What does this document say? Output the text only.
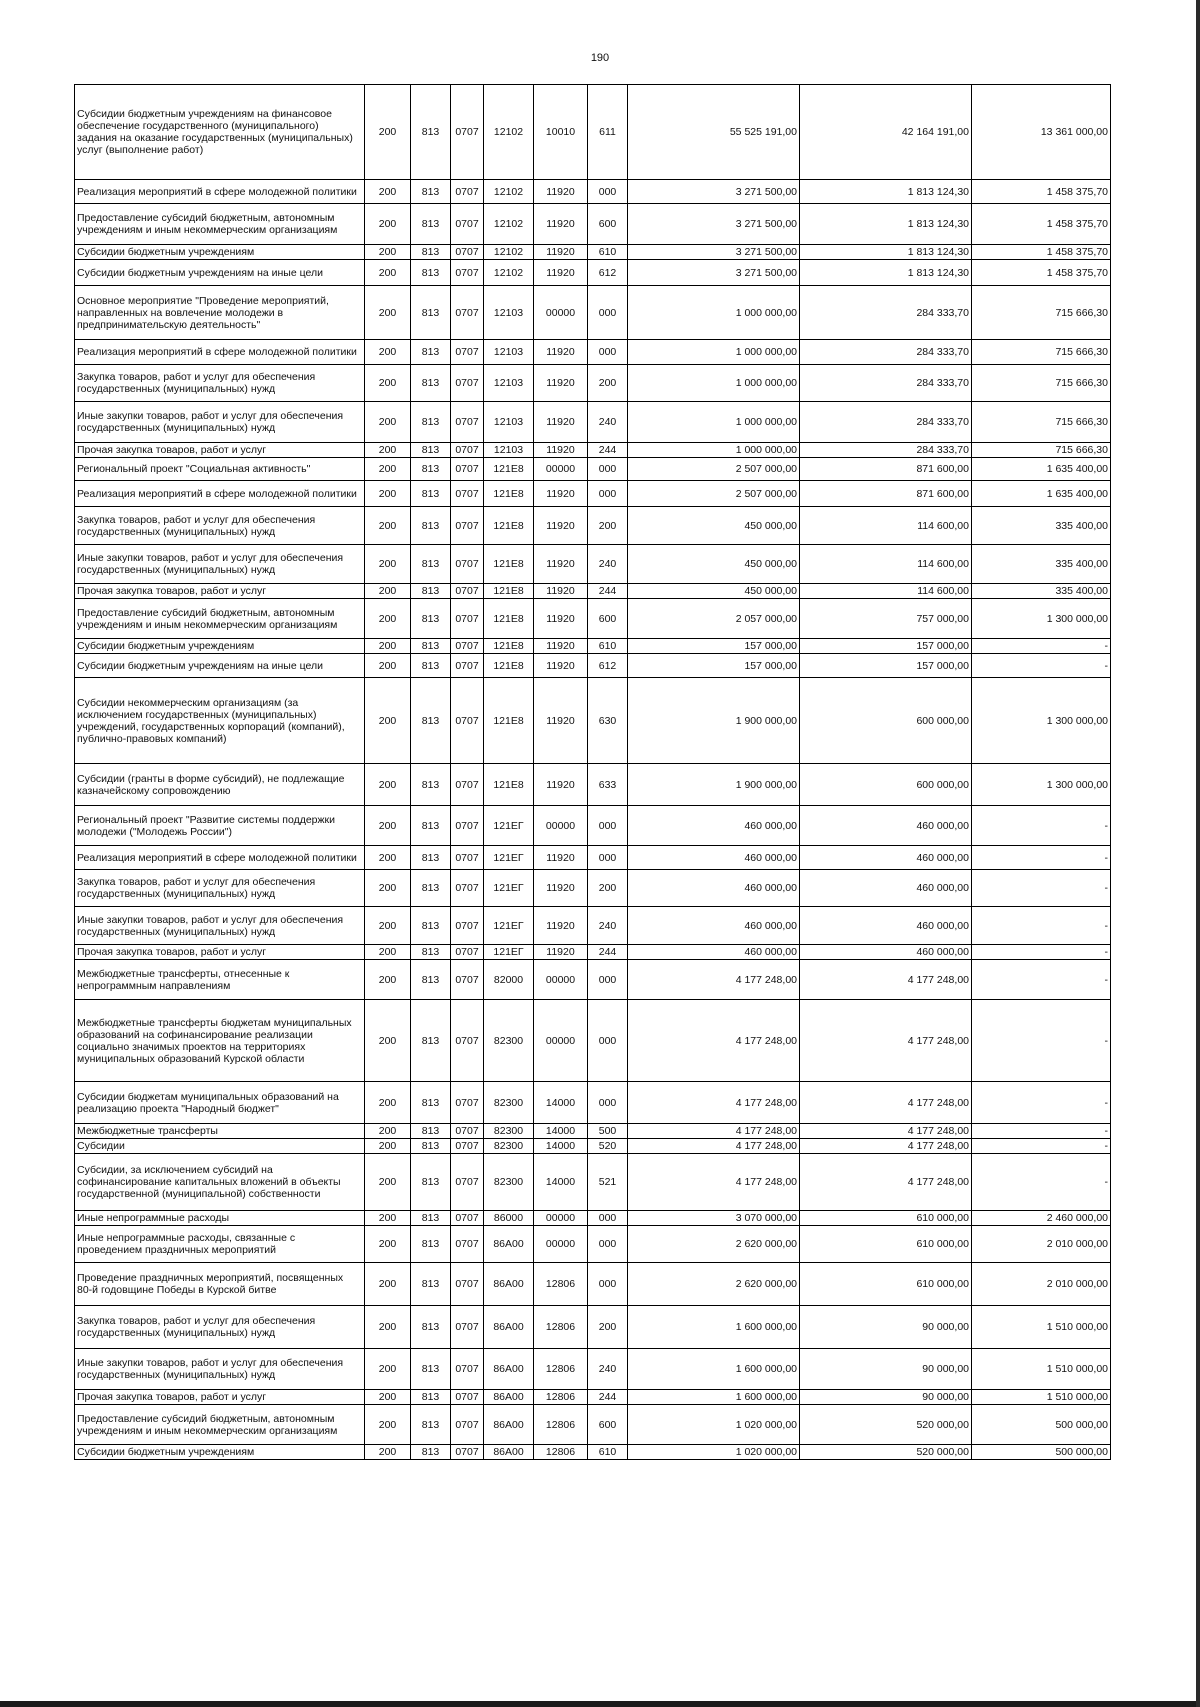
190
Субсидии бюджетным учреждениям на финансовое обеспечение государственного (муниципального) задания на оказание государственных (муниципальных) услуг (выполнение работ)	200	813	0707	12102	10010	611	55 525 191,00	42 164 191,00	13 361 000,00
Реализация мероприятий в сфере молодежной политики	200	813	0707	12102	11920	000	3 271 500,00	1 813 124,30	1 458 375,70
Предоставление субсидий бюджетным, автономным учреждениям и иным некоммерческим организациям	200	813	0707	12102	11920	600	3 271 500,00	1 813 124,30	1 458 375,70
Субсидии бюджетным учреждениям	200	813	0707	12102	11920	610	3 271 500,00	1 813 124,30	1 458 375,70
Субсидии бюджетным учреждениям на иные цели	200	813	0707	12102	11920	612	3 271 500,00	1 813 124,30	1 458 375,70
Основное мероприятие "Проведение мероприятий, направленных на вовлечение молодежи в предпринимательскую деятельность"	200	813	0707	12103	00000	000	1 000 000,00	284 333,70	715 666,30
Реализация мероприятий в сфере молодежной политики	200	813	0707	12103	11920	000	1 000 000,00	284 333,70	715 666,30
Закупка товаров, работ и услуг для обеспечения государственных (муниципальных) нужд	200	813	0707	12103	11920	200	1 000 000,00	284 333,70	715 666,30
Иные закупки товаров, работ и услуг для обеспечения государственных (муниципальных) нужд	200	813	0707	12103	11920	240	1 000 000,00	284 333,70	715 666,30
Прочая закупка товаров, работ и услуг	200	813	0707	12103	11920	244	1 000 000,00	284 333,70	715 666,30
Региональный проект "Социальная активность"	200	813	0707	121E8	00000	000	2 507 000,00	871 600,00	1 635 400,00
Реализация мероприятий в сфере молодежной политики	200	813	0707	121E8	11920	000	2 507 000,00	871 600,00	1 635 400,00
Закупка товаров, работ и услуг для обеспечения государственных (муниципальных) нужд	200	813	0707	121E8	11920	200	450 000,00	114 600,00	335 400,00
Иные закупки товаров, работ и услуг для обеспечения государственных (муниципальных) нужд	200	813	0707	121E8	11920	240	450 000,00	114 600,00	335 400,00
Прочая закупка товаров, работ и услуг	200	813	0707	121E8	11920	244	450 000,00	114 600,00	335 400,00
Предоставление субсидий бюджетным, автономным учреждениям и иным некоммерческим организациям	200	813	0707	121E8	11920	600	2 057 000,00	757 000,00	1 300 000,00
Субсидии бюджетным учреждениям	200	813	0707	121E8	11920	610	157 000,00	157 000,00	-
Субсидии бюджетным учреждениям на иные цели	200	813	0707	121E8	11920	612	157 000,00	157 000,00	-
Субсидии некоммерческим организациям (за исключением государственных (муниципальных) учреждений, государственных корпораций (компаний), публично-правовых компаний)	200	813	0707	121E8	11920	630	1 900 000,00	600 000,00	1 300 000,00
Субсидии (гранты в форме субсидий), не подлежащие казначейскому сопровождению	200	813	0707	121E8	11920	633	1 900 000,00	600 000,00	1 300 000,00
Региональный проект "Развитие системы поддержки молодежи ("Молодежь России")	200	813	0707	121ЕГ	00000	000	460 000,00	460 000,00	-
Реализация мероприятий в сфере молодежной политики	200	813	0707	121ЕГ	11920	000	460 000,00	460 000,00	-
Закупка товаров, работ и услуг для обеспечения государственных (муниципальных) нужд	200	813	0707	121ЕГ	11920	200	460 000,00	460 000,00	-
Иные закупки товаров, работ и услуг для обеспечения государственных (муниципальных) нужд	200	813	0707	121ЕГ	11920	240	460 000,00	460 000,00	-
Прочая закупка товаров, работ и услуг	200	813	0707	121ЕГ	11920	244	460 000,00	460 000,00	-
Межбюджетные трансферты, отнесенные к непрограммным направлениям	200	813	0707	82000	00000	000	4 177 248,00	4 177 248,00	-
Межбюджетные трансферты бюджетам муниципальных образований на софинансирование реализации социально значимых проектов на территориях муниципальных образований Курской области	200	813	0707	82300	00000	000	4 177 248,00	4 177 248,00	-
Субсидии бюджетам муниципальных образований на реализацию проекта "Народный бюджет"	200	813	0707	82300	14000	000	4 177 248,00	4 177 248,00	-
Межбюджетные трансферты	200	813	0707	82300	14000	500	4 177 248,00	4 177 248,00	-
Субсидии	200	813	0707	82300	14000	520	4 177 248,00	4 177 248,00	-
Субсидии, за исключением субсидий на софинансирование капитальных вложений в объекты государственной (муниципальной) собственности	200	813	0707	82300	14000	521	4 177 248,00	4 177 248,00	-
Иные непрограммные расходы	200	813	0707	86000	00000	000	3 070 000,00	610 000,00	2 460 000,00
Иные непрограммные расходы, связанные с проведением праздничных мероприятий	200	813	0707	86A00	00000	000	2 620 000,00	610 000,00	2 010 000,00
Проведение праздничных мероприятий, посвященных 80-й годовщине Победы в Курской битве	200	813	0707	86A00	12806	000	2 620 000,00	610 000,00	2 010 000,00
Закупка товаров, работ и услуг для обеспечения государственных (муниципальных) нужд	200	813	0707	86A00	12806	200	1 600 000,00	90 000,00	1 510 000,00
Иные закупки товаров, работ и услуг для обеспечения государственных (муниципальных) нужд	200	813	0707	86A00	12806	240	1 600 000,00	90 000,00	1 510 000,00
Прочая закупка товаров, работ и услуг	200	813	0707	86A00	12806	244	1 600 000,00	90 000,00	1 510 000,00
Предоставление субсидий бюджетным, автономным учреждениям и иным некоммерческим организациям	200	813	0707	86A00	12806	600	1 020 000,00	520 000,00	500 000,00
Субсидии бюджетным учреждениям	200	813	0707	86A00	12806	610	1 020 000,00	520 000,00	500 000,00
